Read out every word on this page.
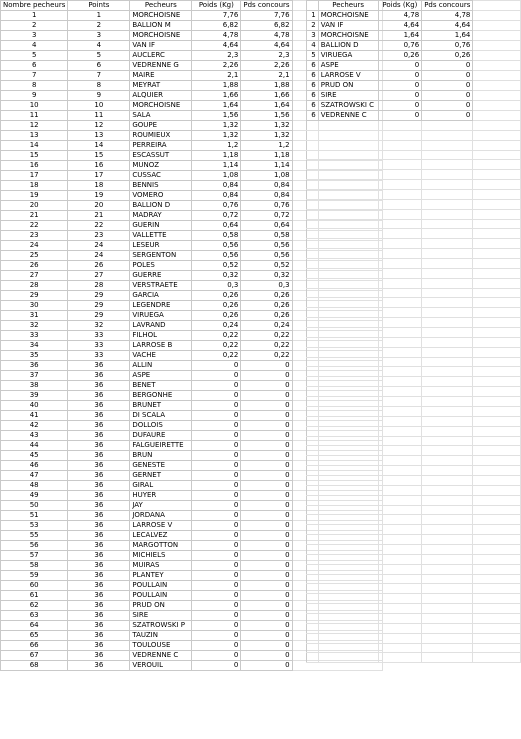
Nombre pecheurs	Points	Pecheurs	Poids (Kg)	Pds concours	
1	1	MORCHOISNE	7,76	7,76	
2	2	BALLION M	6,82	6,82	
3	3	MORCHOISNE	4,78	4,78	
4	4	VAN IF	4,64	4,64	
5	5	AUCLERC	2,3	2,3	
6	6	VEDRENNE G	2,26	2,26	
7	7	MAIRE	2,1	2,1	
8	8	MEYRAT	1,88	1,88	
9	9	ALQUIER	1,66	1,66	
10	10	MORCHOISNE	1,64	1,64	
11	11	SALA	1,56	1,56	
12	12	GOUPE	1,32	1,32	
13	13	ROUMIEUX	1,32	1,32	
14	14	PERREIRA	1,2	1,2	
15	15	ESCASSUT	1,18	1,18	
16	16	MUNOZ	1,14	1,14	
17	17	CUSSAC	1,08	1,08	
18	18	BENNIS	0,84	0,84	
19	19	VOMERO	0,84	0,84	
20	20	BALLION D	0,76	0,76	
21	21	MADRAY	0,72	0,72	
22	22	GUERIN	0,64	0,64	
23	23	VALLETTE	0,58	0,58	
24	24	LESEUR	0,56	0,56	
25	24	SERGENTON	0,56	0,56	
26	26	POLES	0,52	0,52	
27	27	GUERRE	0,32	0,32	
28	28	VERSTRAETE	0,3	0,3	
29	29	GARCIA	0,26	0,26	
30	29	LEGENDRE	0,26	0,26	
31	29	VIRUEGA	0,26	0,26	
32	32	LAVRAND	0,24	0,24	
33	33	FILHOL	0,22	0,22	
34	33	LARROSE B	0,22	0,22	
35	33	VACHE	0,22	0,22	
36	36	ALLIN	0	0	
37	36	ASPE	0	0	
38	36	BENET	0	0	
39	36	BERGONHE	0	0	
40	36	BRUNET	0	0	
41	36	DI SCALA	0	0	
42	36	DOLLOIS	0	0	
43	36	DUFAURE	0	0	
44	36	FALGUEIRETTE	0	0	
45	36	BRUN	0	0	
46	36	GENESTE	0	0	
47	36	GERNET	0	0	
48	36	GIRAL	0	0	
49	36	HUYER	0	0	
50	36	JAY	0	0	
51	36	JORDANA	0	0	
53	36	LARROSE V	0	0	
55	36	LECALVEZ	0	0	
56	36	MARGOTTON	0	0	
57	36	MICHIELS	0	0	
58	36	MUIRAS	0	0	
59	36	PLANTEY	0	0	
60	36	POULLAIN	0	0	
61	36	POULLAIN	0	0	
62	36	PRUD ON	0	0	
63	36	SIRE	0	0	
64	36	SZATROWSKI P	0	0	
65	36	TAUZIN	0	0	
66	36	TOULOUSE	0	0	
67	36	VEDRENNE C	0	0	
68	36	VEROUIL	0	0	
	Pecheurs	Poids (Kg)	Pds concours	
1	MORCHOISNE	4,78	4,78	
2	VAN IF	4,64	4,64	
3	MORCHOISNE	1,64	1,64	
4	BALLION D	0,76	0,76	
5	VIRUEGA	0,26	0,26	
6	ASPE	0	0	
6	LARROSE V	0	0	
6	PRUD ON	0	0	
6	SIRE	0	0	
6	SZATROWSKI C	0	0	
6	VEDRENNE C	0	0	
